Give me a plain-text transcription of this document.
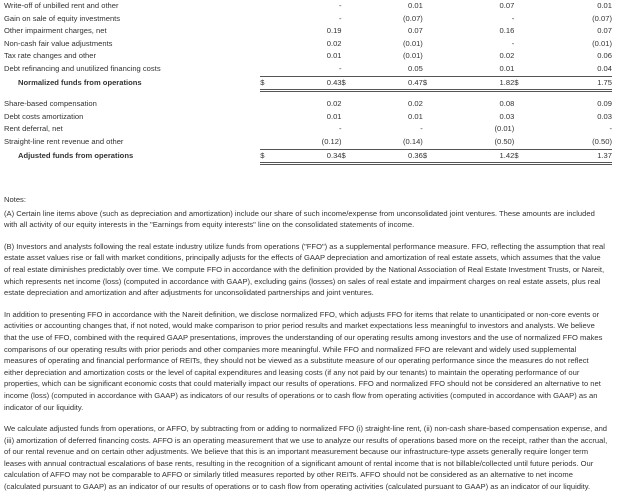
Write-off of unbilled rent and other		-		0.01		0.07		0.01
Gain on sale of equity investments		-		(0.07)		-		(0.07)
Other impairment charges, net		0.19		0.07		0.16		0.07
Non-cash fair value adjustments		0.02		(0.01)		-		(0.01)
Tax rate changes and other		0.01		(0.01)		0.02		0.06
Debt refinancing and unutilized financing costs		-		0.05		0.01		0.04
Normalized funds from operations	$	0.43	$	0.47	$	1.82	$	1.75

Share-based compensation		0.02		0.02		0.08		0.09
Debt costs amortization		0.01		0.01		0.03		0.03
Rent deferral, net		-		-		(0.01)		-
Straight-line rent revenue and other		(0.12)		(0.14)		(0.50)		(0.50)
Adjusted funds from operations	$	0.34	$	0.36	$	1.42	$	1.37

Notes:

(A) Certain line items above (such as depreciation and amortization) include our share of such income/expense from unconsolidated joint ventures. These amounts are included with all activity of our equity interests in the "Earnings from equity interests" line on the consolidated statements of income.

(B) Investors and analysts following the real estate industry utilize funds from operations ("FFO") as a supplemental performance measure. FFO, reflecting the assumption that real estate asset values rise or fall with market conditions, principally adjusts for the effects of GAAP depreciation and amortization of real estate assets, which assumes that the value of real estate diminishes predictably over time. We compute FFO in accordance with the definition provided by the National Association of Real Estate Investment Trusts, or Nareit, which represents net income (loss) (computed in accordance with GAAP), excluding gains (losses) on sales of real estate and impairment charges on real estate assets, plus real estate depreciation and amortization and after adjustments for unconsolidated partnerships and joint ventures.

In addition to presenting FFO in accordance with the Nareit definition, we disclose normalized FFO, which adjusts FFO for items that relate to unanticipated or non-core events or activities or accounting changes that, if not noted, would make comparison to prior period results and market expectations less meaningful to investors and analysts. We believe that the use of FFO, combined with the required GAAP presentations, improves the understanding of our operating results among investors and the use of normalized FFO makes comparisons of our operating results with prior periods and other companies more meaningful. While FFO and normalized FFO are relevant and widely used supplemental measures of operating and financial performance of REITs, they should not be viewed as a substitute measure of our operating performance since the measures do not reflect either depreciation and amortization costs or the level of capital expenditures and leasing costs (if any not paid by our tenants) to maintain the operating performance of our properties, which can be significant economic costs that could materially impact our results of operations. FFO and normalized FFO should not be considered an alternative to net income (loss) (computed in accordance with GAAP) as indicators of our results of operations or to cash flow from operating activities (computed in accordance with GAAP) as an indicator of our liquidity.

We calculate adjusted funds from operations, or AFFO, by subtracting from or adding to normalized FFO (i) straight-line rent, (ii) non-cash share-based compensation expense, and (iii) amortization of deferred financing costs. AFFO is an operating measurement that we use to analyze our results of operations based more on the receipt, rather than the accrual, of our rental revenue and on certain other adjustments. We believe that this is an important measurement because our infrastructure-type assets generally require longer term leases with annual contractual escalations of base rents, resulting in the recognition of a significant amount of rental income that is not billable/collected until future periods. Our calculation of AFFO may not be comparable to AFFO or similarly titled measures reported by other REITs. AFFO should not be considered as an alternative to net income (calculated pursuant to GAAP) as an indicator of our results of operations or to cash flow from operating activities (calculated pursuant to GAAP) as an indicator of our liquidity.
